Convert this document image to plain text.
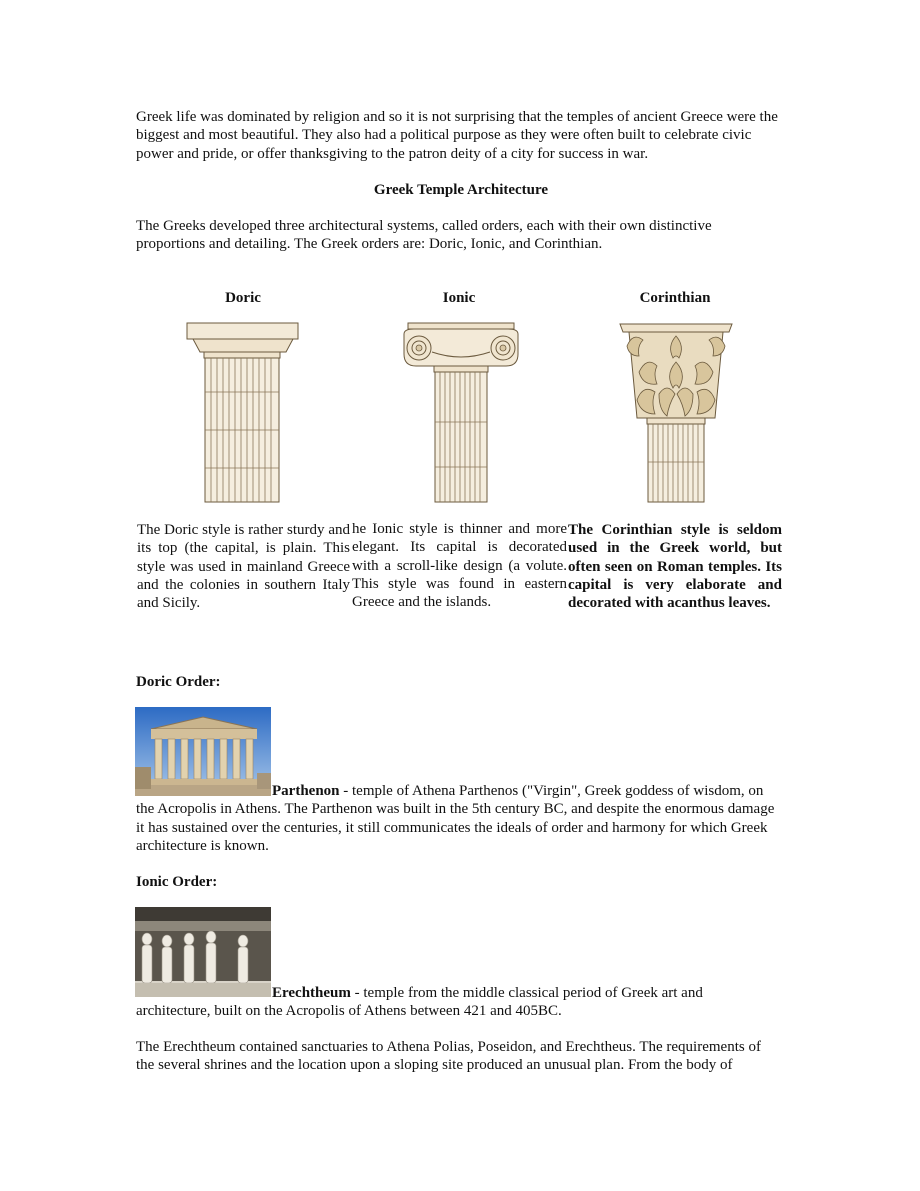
Greek life was dominated by religion and so it is not surprising that the temples of ancient Greece were the biggest and most beautiful. They also had a political purpose as they were often built to celebrate civic power and pride, or offer thanksgiving to the patron deity of a city for success in war.

Greek Temple Architecture

The Greeks developed three architectural systems, called orders, each with their own distinctive proportions and detailing. The Greek orders are: Doric, Ionic, and Corinthian.

Doric	Ionic	Corinthian
The Doric style is rather sturdy and its top (the capital, is plain. This style was used in mainland Greece and the colonies in southern Italy and Sicily.
he Ionic style is thinner and more elegant. Its capital is decorated with a scroll-like design (a volute. This style was found in eastern Greece and the islands.
The Corinthian style is seldom used in the Greek world, but often seen on Roman temples. Its capital is very elaborate and decorated with acanthus leaves.
Doric Order:

Parthenon - temple of Athena Parthenos ("Virgin", Greek goddess of wisdom, on the Acropolis in Athens. The Parthenon was built in the 5th century BC, and despite the enormous damage it has sustained over the centuries, it still communicates the ideals of order and harmony for which Greek architecture is known.

Ionic Order:

Erechtheum - temple from the middle classical period of Greek art and architecture, built on the Acropolis of Athens between 421 and 405BC.

The Erechtheum contained sanctuaries to Athena Polias, Poseidon, and Erechtheus. The requirements of the several shrines and the location upon a sloping site produced an unusual plan. From the body of
